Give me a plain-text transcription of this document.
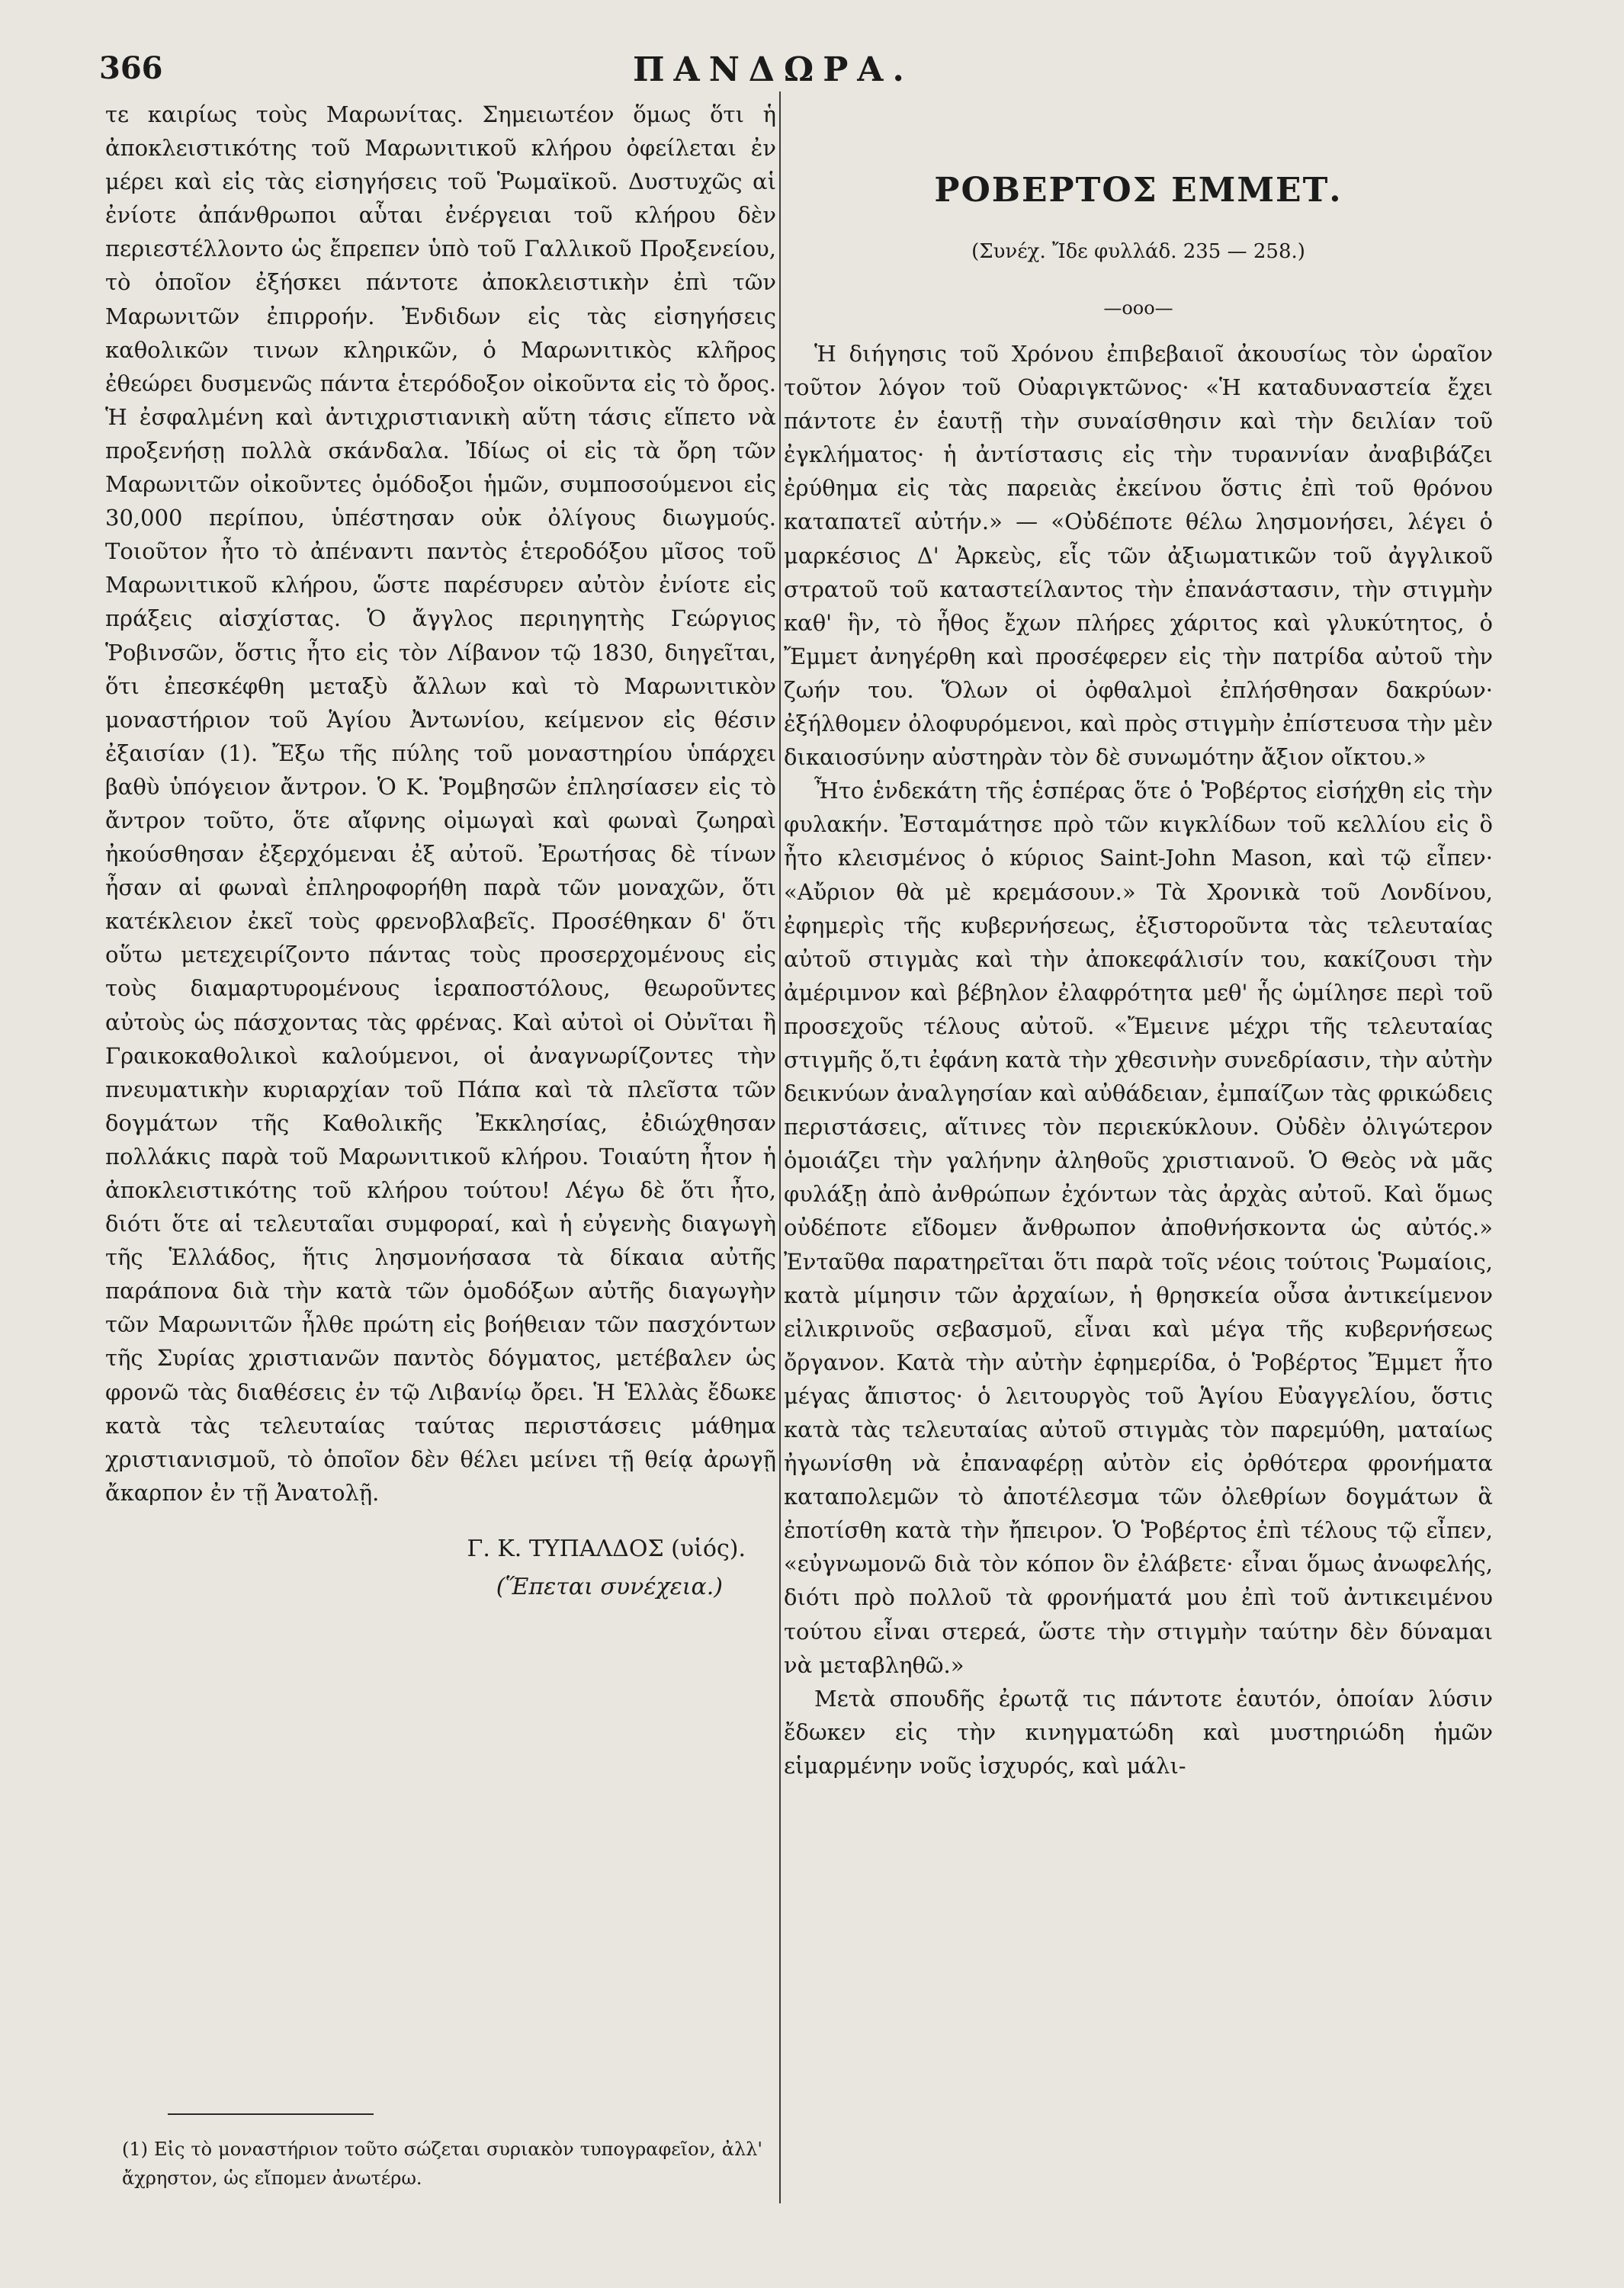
366	ΠΑΝΔΩΡΑ.

τε καιρίως τοὺς Μαρωνίτας. Σημειωτέον ὅμως ὅτι ἡ ἀποκλειστικότης τοῦ Μαρωνιτικοῦ κλήρου ὀφείλεται ἐν μέρει καὶ εἰς τὰς εἰσηγήσεις τοῦ Ῥωμαϊκοῦ. Δυστυχῶς αἱ ἐνίοτε ἀπάνθρωποι αὗται ἐνέργειαι τοῦ κλήρου δὲν περιεστέλλοντο ὡς ἔπρεπεν ὑπὸ τοῦ Γαλλικοῦ Προξενείου, τὸ ὁποῖον ἐξήσκει πάντοτε ἀποκλειστικὴν ἐπὶ τῶν Μαρωνιτῶν ἐπιρροήν. Ἐνδιδων εἰς τὰς εἰσηγήσεις καθολικῶν τινων κληρικῶν, ὁ Μαρωνιτικὸς κλῆρος ἐθεώρει δυσμενῶς πάντα ἑτερόδοξον οἰκοῦντα εἰς τὸ ὄρος. Ἡ ἐσφαλμένη καὶ ἀντιχριστιανικὴ αὕτη τάσις εἵπετο νὰ προξενήσῃ πολλὰ σκάνδαλα. Ἰδίως οἱ εἰς τὰ ὄρη τῶν Μαρωνιτῶν οἰκοῦντες ὁμόδοξοι ἡμῶν, συμποσούμενοι εἰς 30,000 περίπου, ὑπέστησαν οὐκ ὀλίγους διωγμούς. Τοιοῦτον ἦτο τὸ ἀπέναντι παντὸς ἑτεροδόξου μῖσος τοῦ Μαρωνιτικοῦ κλήρου, ὥστε παρέσυρεν αὐτὸν ἐνίοτε εἰς πράξεις αἰσχίστας. Ὁ ἄγγλος περιηγητὴς Γεώργιος Ῥοβινσῶν, ὅστις ἦτο εἰς τὸν Λίβανον τῷ 1830, διηγεῖται, ὅτι ἐπεσκέφθη μεταξὺ ἄλλων καὶ τὸ Μαρωνιτικὸν μοναστήριον τοῦ Ἁγίου Ἀντωνίου, κείμενον εἰς θέσιν ἐξαισίαν (1). Ἔξω τῆς πύλης τοῦ μοναστηρίου ὑπάρχει βαθὺ ὑπόγειον ἄντρον. Ὁ Κ. Ῥομβησῶν ἐπλησίασεν εἰς τὸ ἄντρον τοῦτο, ὅτε αἴφνης οἰμωγαὶ καὶ φωναὶ ζωηραὶ ἠκούσθησαν ἐξερχόμεναι ἐξ αὐτοῦ. Ἐρωτήσας δὲ τίνων ἦσαν αἱ φωναὶ ἐπληροφορήθη παρὰ τῶν μοναχῶν, ὅτι κατέκλειον ἐκεῖ τοὺς φρενοβλαβεῖς. Προσέθηκαν δ' ὅτι οὕτω μετεχειρίζοντο πάντας τοὺς προσερχομένους εἰς τοὺς διαμαρτυρομένους ἱεραποστόλους, θεωροῦντες αὐτοὺς ὡς πάσχοντας τὰς φρένας. Καὶ αὐτοὶ οἱ Οὐνῖται ἢ Γραικοκαθολικοὶ καλούμενοι, οἱ ἀναγνωρίζοντες τὴν πνευματικὴν κυριαρχίαν τοῦ Πάπα καὶ τὰ πλεῖστα τῶν δογμάτων τῆς Καθολικῆς Ἐκκλησίας, ἐδιώχθησαν πολλάκις παρὰ τοῦ Μαρωνιτικοῦ κλήρου. Τοιαύτη ἦτον ἡ ἀποκλειστικότης τοῦ κλήρου τούτου! Λέγω δὲ ὅτι ἦτο, διότι ὅτε αἱ τελευταῖαι συμφοραί, καὶ ἡ εὐγενὴς διαγωγὴ τῆς Ἑλλάδος, ἥτις λησμονήσασα τὰ δίκαια αὐτῆς παράπονα διὰ τὴν κατὰ τῶν ὁμοδόξων αὐτῆς διαγωγὴν τῶν Μαρωνιτῶν ἦλθε πρώτη εἰς βοήθειαν τῶν πασχόντων τῆς Συρίας χριστιανῶν παντὸς δόγματος, μετέβαλεν ὡς φρονῶ τὰς διαθέσεις ἐν τῷ Λιβανίῳ ὄρει. Ἡ Ἑλλὰς ἔδωκε κατὰ τὰς τελευταίας ταύτας περιστάσεις μάθημα χριστιανισμοῦ, τὸ ὁποῖον δὲν θέλει μείνει τῇ θείᾳ ἀρωγῇ ἄκαρπον ἐν τῇ Ἀνατολῇ.

Γ. Κ. ΤΥΠΑΛΔΟΣ (υἱός).
(Ἕπεται συνέχεια.)
(1) Εἰς τὸ μοναστήριον τοῦτο σώζεται συριακὸν τυπογραφεῖον, ἀλλ' ἄχρηστον, ὡς εἴπομεν ἀνωτέρω.
ΡΟΒΕΡΤΟΣ ΕΜΜΕΤ.
(Συνέχ. Ἴδε φυλλάδ. 235 — 258.)
—οοο—

Ἡ διήγησις τοῦ Χρόνου ἐπιβεβαιοῖ ἀκουσίως τὸν ὡραῖον τοῦτον λόγον τοῦ Οὐαριγκτῶνος· «Ἡ καταδυναστεία ἔχει πάντοτε ἐν ἑαυτῇ τὴν συναίσθησιν καὶ τὴν δειλίαν τοῦ ἐγκλήματος· ἡ ἀντίστασις εἰς τὴν τυραννίαν ἀναβιβάζει ἐρύθημα εἰς τὰς παρειὰς ἐκείνου ὅστις ἐπὶ τοῦ θρόνου καταπατεῖ αὐτήν.» — «Οὐδέποτε θέλω λησμονήσει, λέγει ὁ μαρκέσιος Δ' Ἀρκεὺς, εἷς τῶν ἀξιωματικῶν τοῦ ἀγγλικοῦ στρατοῦ τοῦ καταστείλαντος τὴν ἐπανάστασιν, τὴν στιγμὴν καθ' ἣν, τὸ ἦθος ἔχων πλήρες χάριτος καὶ γλυκύτητος, ὁ Ἔμμετ ἀνηγέρθη καὶ προσέφερεν εἰς τὴν πατρίδα αὐτοῦ τὴν ζωήν του. Ὅλων οἱ ὀφθαλμοὶ ἐπλήσθησαν δακρύων· ἐξήλθομεν ὀλοφυρόμενοι, καὶ πρὸς στιγμὴν ἐπίστευσα τὴν μὲν δικαιοσύνην αὐστηρὰν τὸν δὲ συνωμότην ἄξιον οἴκτου.»

Ἦτο ἑνδεκάτη τῆς ἑσπέρας ὅτε ὁ Ῥοβέρτος εἰσήχθη εἰς τὴν φυλακήν. Ἐσταμάτησε πρὸ τῶν κιγκλίδων τοῦ κελλίου εἰς ὃ ἦτο κλεισμένος ὁ κύριος Saint-John Mason, καὶ τῷ εἶπεν· «Αὔριον θὰ μὲ κρεμάσουν.» Τὰ Χρονικὰ τοῦ Λονδίνου, ἐφημερὶς τῆς κυβερνήσεως, ἐξιστοροῦντα τὰς τελευταίας αὐτοῦ στιγμὰς καὶ τὴν ἀποκεφάλισίν του, κακίζουσι τὴν ἀμέριμνον καὶ βέβηλον ἐλαφρότητα μεθ' ἧς ὡμίλησε περὶ τοῦ προσεχοῦς τέλους αὐτοῦ. «Ἔμεινε μέχρι τῆς τελευταίας στιγμῆς ὅ,τι ἐφάνη κατὰ τὴν χθεσινὴν συνεδρίασιν, τὴν αὐτὴν δεικνύων ἀναλγησίαν καὶ αὐθάδειαν, ἐμπαίζων τὰς φρικώδεις περιστάσεις, αἵτινες τὸν περιεκύκλουν. Οὐδὲν ὀλιγώτερον ὁμοιάζει τὴν γαλήνην ἀληθοῦς χριστιανοῦ. Ὁ Θεὸς νὰ μᾶς φυλάξῃ ἀπὸ ἀνθρώπων ἐχόντων τὰς ἀρχὰς αὐτοῦ. Καὶ ὅμως οὐδέποτε εἴδομεν ἄνθρωπον ἀποθνήσκοντα ὡς αὐτός.» Ἐνταῦθα παρατηρεῖται ὅτι παρὰ τοῖς νέοις τούτοις Ῥωμαίοις, κατὰ μίμησιν τῶν ἀρχαίων, ἡ θρησκεία οὖσα ἀντικείμενον εἰλικρινοῦς σεβασμοῦ, εἶναι καὶ μέγα τῆς κυβερνήσεως ὄργανον. Κατὰ τὴν αὐτὴν ἐφημερίδα, ὁ Ῥοβέρτος Ἔμμετ ἦτο μέγας ἄπιστος· ὁ λειτουργὸς τοῦ Ἁγίου Εὐαγγελίου, ὅστις κατὰ τὰς τελευταίας αὐτοῦ στιγμὰς τὸν παρεμύθη, ματαίως ἠγωνίσθη νὰ ἐπαναφέρῃ αὐτὸν εἰς ὀρθότερα φρονήματα καταπολεμῶν τὸ ἀποτέλεσμα τῶν ὀλεθρίων δογμάτων ἃ ἐποτίσθη κατὰ τὴν ἤπειρον. Ὁ Ῥοβέρτος ἐπὶ τέλους τῷ εἶπεν, «εὐγνωμονῶ διὰ τὸν κόπον ὃν ἐλάβετε· εἶναι ὅμως ἀνωφελής, διότι πρὸ πολλοῦ τὰ φρονήματά μου ἐπὶ τοῦ ἀντικειμένου τούτου εἶναι στερεά, ὥστε τὴν στιγμὴν ταύτην δὲν δύναμαι νὰ μεταβληθῶ.»

Μετὰ σπουδῆς ἐρωτᾷ τις πάντοτε ἑαυτόν, ὁποίαν λύσιν ἔδωκεν εἰς τὴν κινηγματώδη καὶ μυστηριώδη ἡμῶν εἱμαρμένην νοῦς ἰσχυρός, καὶ μάλι-
